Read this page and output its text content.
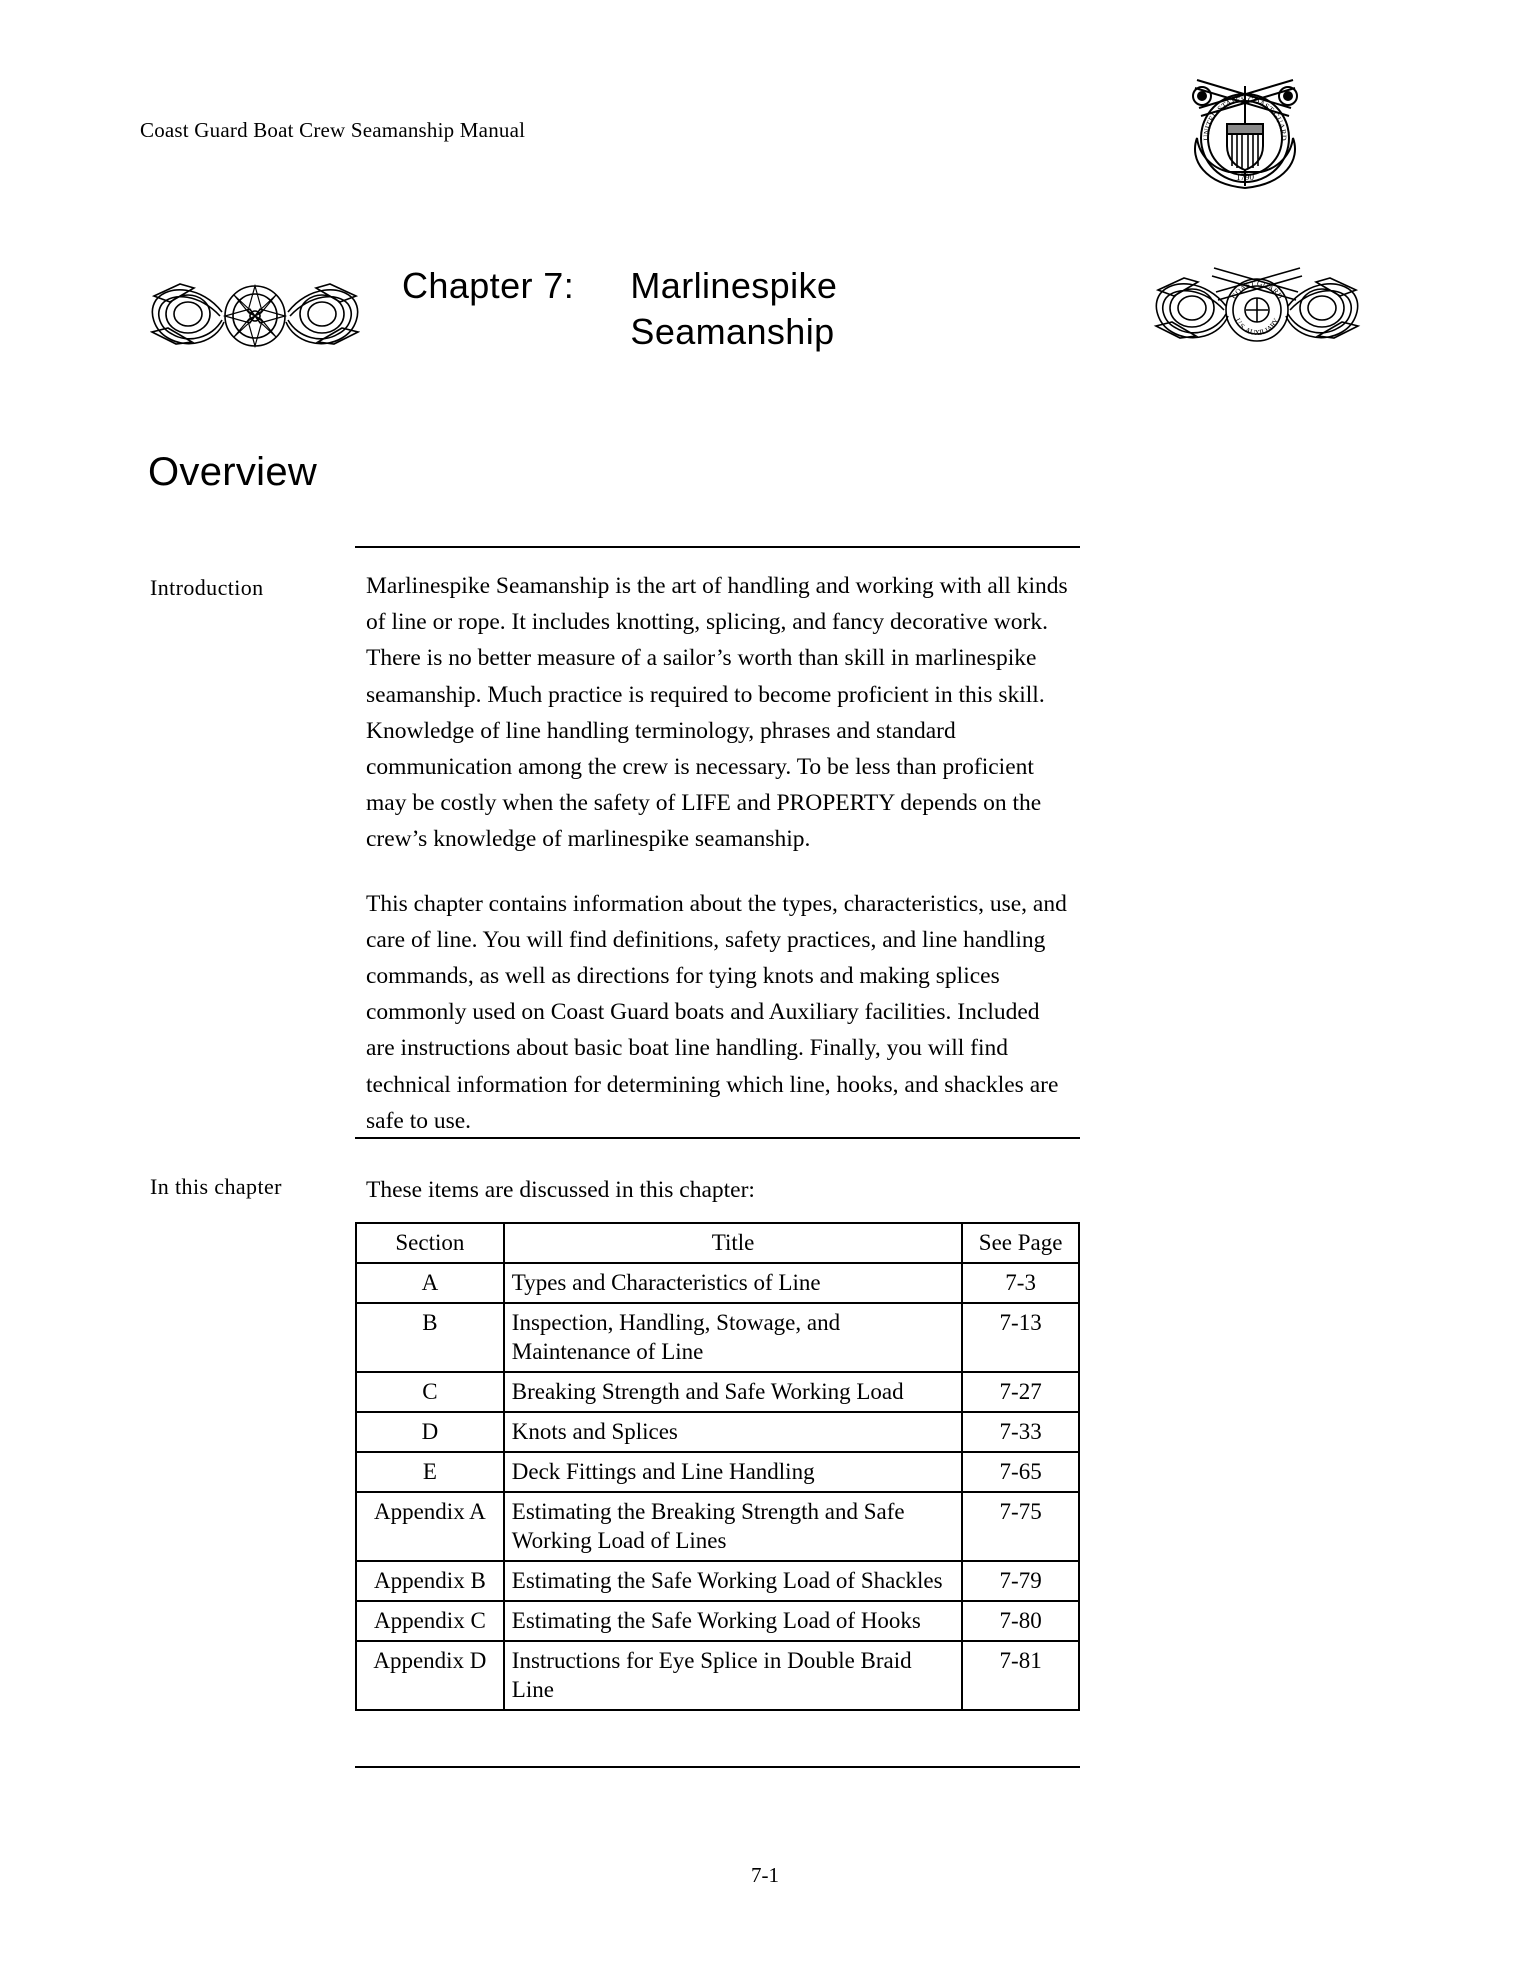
Coast Guard Boat Crew Seamanship Manual	UNITED STATES COAST GUARD
1790
Chapter 7: Marlinespike
Seamanship
COAST GUARD
U.S. AUXILIARY
Overview
Introduction	Marlinespike Seamanship is the art of handling and working with all kinds of line or rope. It includes knotting, splicing, and fancy decorative work. There is no better measure of a sailor’s worth than skill in marlinespike seamanship. Much practice is required to become proficient in this skill. Knowledge of line handling terminology, phrases and standard communication among the crew is necessary. To be less than proficient may be costly when the safety of LIFE and PROPERTY depends on the crew’s knowledge of marlinespike seamanship.

This chapter contains information about the types, characteristics, use, and care of line. You will find definitions, safety practices, and line handling commands, as well as directions for tying knots and making splices commonly used on Coast Guard boats and Auxiliary facilities. Included are instructions about basic boat line handling. Finally, you will find technical information for determining which line, hooks, and shackles are safe to use.

In this chapter	These items are discussed in this chapter:

Section	Title	See Page
A	Types and Characteristics of Line	7-3
B	Inspection, Handling, Stowage, and Maintenance of Line	7-13
C	Breaking Strength and Safe Working Load	7-27
D	Knots and Splices	7-33
E	Deck Fittings and Line Handling	7-65
Appendix A	Estimating the Breaking Strength and Safe Working Load of Lines	7-75
Appendix B	Estimating the Safe Working Load of Shackles	7-79
Appendix C	Estimating the Safe Working Load of Hooks	7-80
Appendix D	Instructions for Eye Splice in Double Braid Line	7-81
7-1
